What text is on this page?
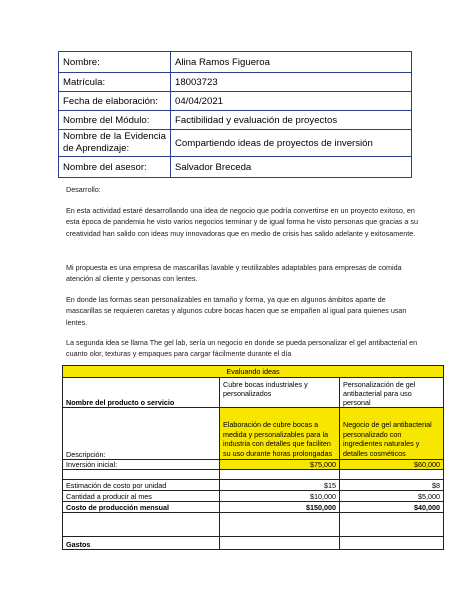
Nombre:	Alina Ramos Figueroa
Matrícula:	18003723
Fecha de elaboración:	04/04/2021
Nombre del Módulo:	Factibilidad y evaluación de proyectos

Nombre de la Evidencia
de Aprendizaje:	Compartiendo ideas de proyectos de inversión
Nombre del asesor:	Salvador Breceda
Desarrollo:
En esta actividad estaré desarrollando una idea de negocio que podría convertirse en un proyecto exitoso, en esta época de pandemia he visto varios negocios terminar y de igual forma he visto personas que gracias a su creatividad han salido con ideas muy innovadoras que en medio de crisis has salido adelante y exitosamente.
Mi propuesta es una empresa de mascarillas lavable y reutilizables adaptables para empresas de comida atención al cliente y personas con lentes.
En donde las formas sean personalizables en tamaño y forma, ya que en algunos ámbitos aparte de mascarillas se requieren caretas y algunos cubre bocas hacen que se empañen al igual para quienes usan lentes.
La segunda idea se llama The gel lab, sería un negocio en donde se pueda personalizar el gel antibacterial en cuanto olor, texturas y empaques para cargar fácilmente durante el día
Evaluando ideas		
Nombre del producto o servicio	Cubre bocas industriales y personalizados	Personalización de gel antibacterial para uso personal
Descripción:	Elaboración de cubre bocas a medida y personalizables para la industria con detalles que faciliten su uso durante horas prolongadas	Negocio de gel antibacterial personalizado con ingredientes naturales y detalles cosméticos
Inversión inicial:	$75,000	$60,000

Estimación de costo por unidad	$15	$8
Cantidad a producir al mes	$10,000	$5,000
Costo de producción mensual	$150,000	$40,000

Gastos		
